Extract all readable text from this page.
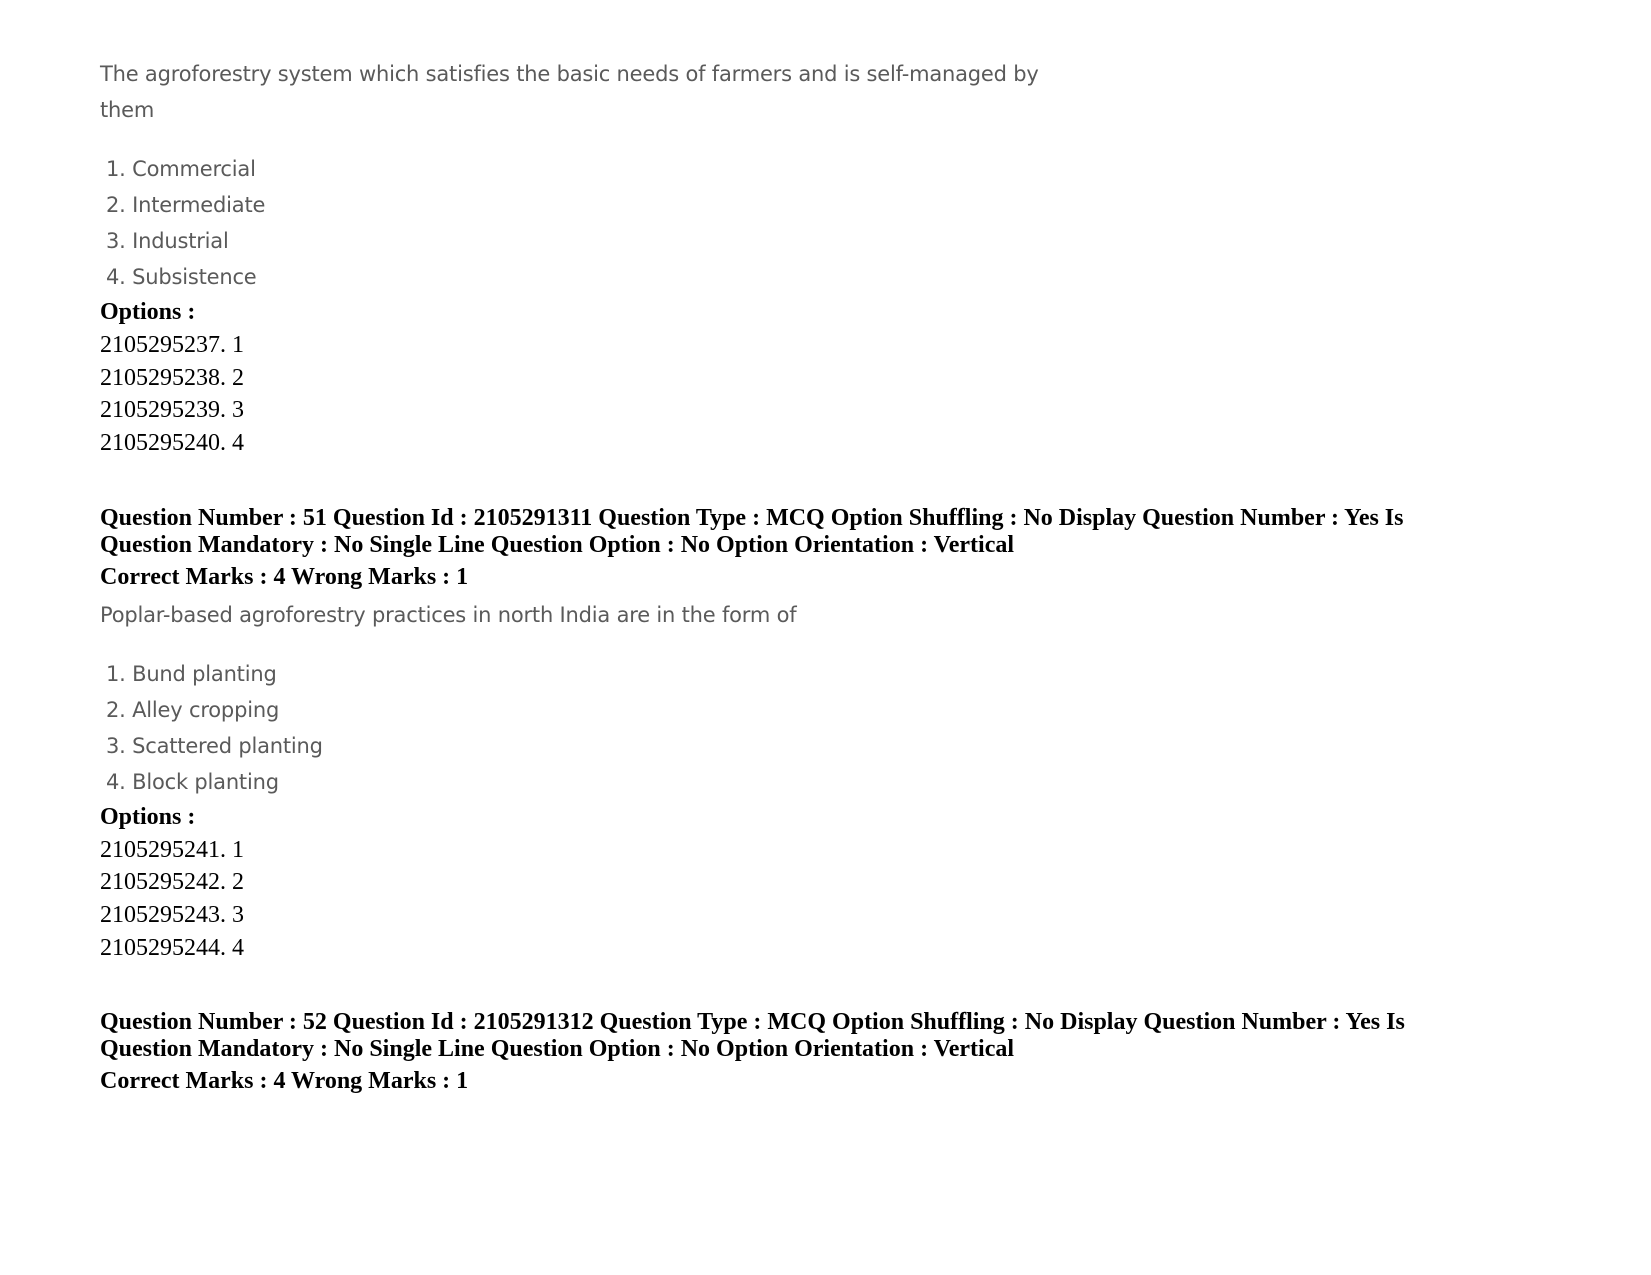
The agroforestry system which satisfies the basic needs of farmers and is self-managed by
them
1. Commercial
2. Intermediate
3. Industrial
4. Subsistence
Options :
2105295237. 1
2105295238. 2
2105295239. 3
2105295240. 4
Question Number : 51 Question Id : 2105291311 Question Type : MCQ Option Shuffling : No Display Question Number : Yes Is
Question Mandatory : No Single Line Question Option : No Option Orientation : Vertical
Correct Marks : 4 Wrong Marks : 1
Poplar-based agroforestry practices in north India are in the form of
1. Bund planting
2. Alley cropping
3. Scattered planting
4. Block planting
Options :
2105295241. 1
2105295242. 2
2105295243. 3
2105295244. 4
Question Number : 52 Question Id : 2105291312 Question Type : MCQ Option Shuffling : No Display Question Number : Yes Is
Question Mandatory : No Single Line Question Option : No Option Orientation : Vertical
Correct Marks : 4 Wrong Marks : 1
